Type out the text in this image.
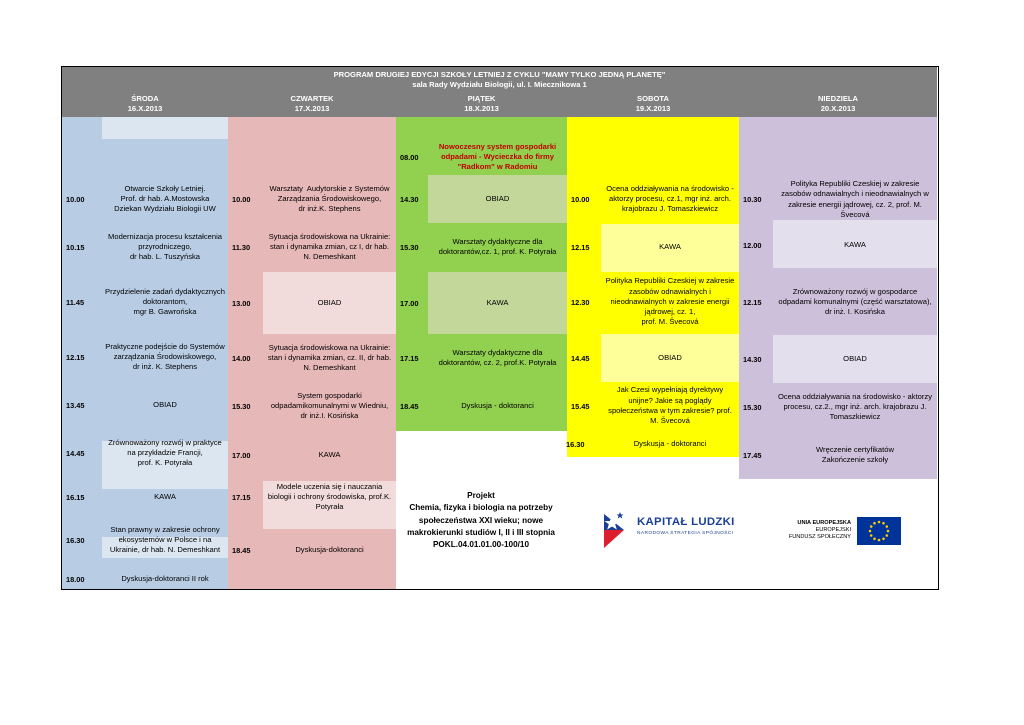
PROGRAM DRUGIEJ EDYCJI SZKOŁY LETNIEJ Z CYKLU "MAMY TYLKO JEDNĄ PLANETĘ"
sala Rady Wydziału Biologii, ul. I. Miecznikowa 1
ŚRODA
16.X.2013
CZWARTEK
17.X.2013
PIĄTEK
18.X.2013
SOBOTA
19.X.2013
NIEDZIELA
20.X.2013
10.00
Otwarcie Szkoły Letniej.
Prof. dr hab. A.Mostowska
Dziekan Wydziału Biologii UW
10.15
Modernizacja procesu kształcenia
przyrodniczego,
dr hab. L. Tuszyńska
11.45
Przydzielenie zadań dydaktycznych
doktorantom,
mgr B. Gawrońska
12.15
Praktyczne podejście do Systemów
zarządzania Środowiskowego,
dr inż. K. Stephens
13.45	OBIAD
14.45
Zrównoważony rozwój w praktyce
na przykładzie Francji,
prof. K. Potyrała
16.15	KAWA
16.30
Stan prawny w zakresie ochrony
ekosystemów w Polsce i na
Ukrainie, dr hab. N. Demeshkant
18.00	Dyskusja-doktoranci II rok
10.00
Warsztaty  Audytorskie z Systemów
Zarządzania Środowiskowego,
dr inż.K. Stephens
11.30
Sytuacja środowiskowa na Ukrainie:
stan i dynamika zmian, cz I, dr hab.
N. Demeshkant
13.00	OBIAD
14.00
Sytuacja środowiskowa na Ukrainie:
stan i dynamika zmian, cz. II, dr hab.
N. Demeshkant
15.30
System gospodarki
odpadamikomunalnymi w Wiedniu,
dr inż.I. Kosińska
17.00	KAWA
17.15
Modele uczenia się i nauczania
biologii i ochrony środowiska, prof.K.
Potyrała
18.45	Dyskusja-doktoranci
08.00
Nowoczesny system gospodarki
odpadami - Wycieczka do firmy
"Radkom" w Radomiu
14.30	OBIAD
15.30
Warsztaty dydaktyczne dla
doktorantów,cz. 1, prof. K. Potyrała
17.00	KAWA
17.15
Warsztaty dydaktyczne dla
doktorantów, cz. 2, prof.K. Potyrała
18.45	Dyskusja - doktoranci
10.00
Ocena oddziaływania na środowisko -
aktorzy procesu, cz.1, mgr inż. arch.
krajobrazu J. Tomaszkiewicz
12.15	KAWA
12.30
Polityka Republiki Czeskiej w zakresie
zasobów odnawialnych i
nieodnawialnych w zakresie energii
jądrowej, cz. 1,
prof. M. Švecová
14.45	OBIAD
15.45
Jak Czesi wypełniają dyrektywy
unijne? Jakie są poglądy
społeczeństwa w tym zakresie? prof.
M. Švecová
16.30	Dyskusja - doktoranci
10.30
Polityka Republiki Czeskiej w zakresie
zasobów odnawialnych i nieodnawialnych w
zakresie energii jądrowej, cz. 2, prof. M.
Švecová
12.00	KAWA
12.15
Zrównoważony rozwój w gospodarce
odpadami komunalnymi (część warsztatowa),
dr inż. I. Kosińska
14.30	OBIAD
15.30
Ocena oddziaływania na środowisko - aktorzy
procesu, cz.2., mgr inż. arch. krajobrazu J.
Tomaszkiewicz
17.45
Wręczenie certyfikatów
Zakończenie szkoły
Projekt
Chemia, fizyka i biologia na potrzeby
społeczeństwa XXI wieku; nowe
makrokierunki studiów I, II i III stopnia
POKL.04.01.01.00-100/10
KAPITAŁ LUDZKI
NARODOWA STRATEGIA SPÓJNOŚCI
UNIA EUROPEJSKA
EUROPEJSKI
FUNDUSZ SPOŁECZNY
